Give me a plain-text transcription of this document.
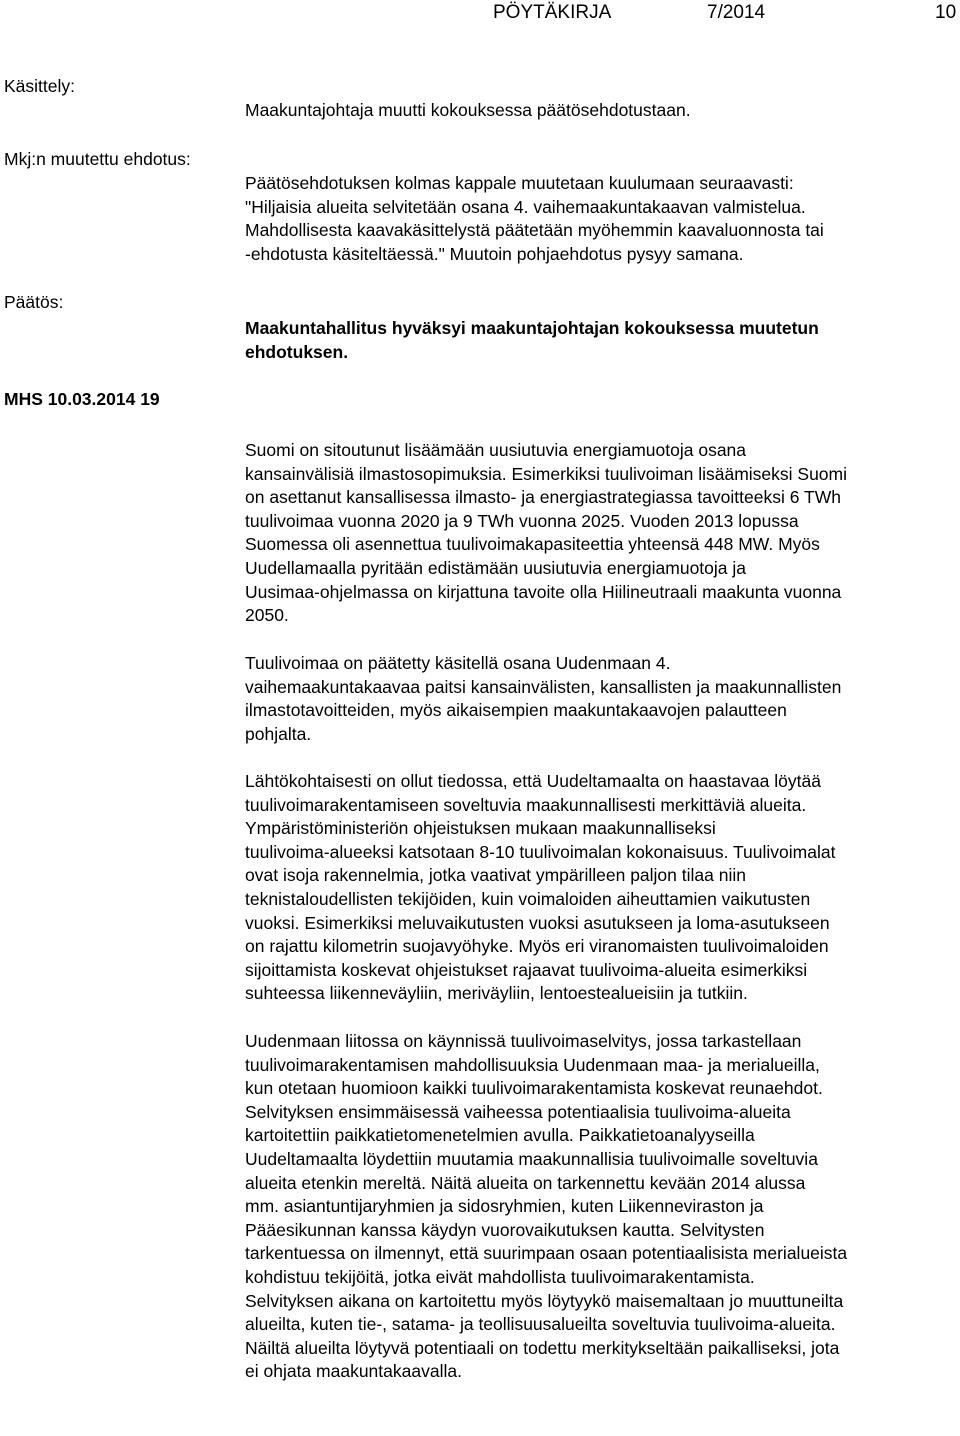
PÖYTÄKIRJA	7/2014	10
Käsittely:
Mkj:n muutettu ehdotus:
Päätös:
MHS 10.03.2014 19
Maakuntajohtaja muutti kokouksessa päätösehdotustaan.
Päätösehdotuksen kolmas kappale muutetaan kuulumaan seuraavasti:
"Hiljaisia alueita selvitetään osana 4. vaihemaakuntakaavan valmistelua.
Mahdollisesta kaavakäsittelystä päätetään myöhemmin kaavaluonnosta tai
-ehdotusta käsiteltäessä." Muutoin pohjaehdotus pysyy samana.
Maakuntahallitus hyväksyi maakuntajohtajan kokouksessa muutetun
ehdotuksen.
Suomi on sitoutunut lisäämään uusiutuvia energiamuotoja osana
kansainvälisiä ilmastosopimuksia. Esimerkiksi tuulivoiman lisäämiseksi Suomi
on asettanut kansallisessa ilmasto- ja energiastrategiassa tavoitteeksi 6 TWh
tuulivoimaa vuonna 2020 ja 9 TWh vuonna 2025. Vuoden 2013 lopussa
Suomessa oli asennettua tuulivoimakapasiteettia yhteensä 448 MW. Myös
Uudellamaalla pyritään edistämään uusiutuvia energiamuotoja ja
Uusimaa-ohjelmassa on kirjattuna tavoite olla Hiilineutraali maakunta vuonna
2050.
Tuulivoimaa on päätetty käsitellä osana Uudenmaan 4.
vaihemaakuntakaavaa paitsi kansainvälisten, kansallisten ja maakunnallisten
ilmastotavoitteiden, myös aikaisempien maakuntakaavojen palautteen
pohjalta.
Lähtökohtaisesti on ollut tiedossa, että Uudeltamaalta on haastavaa löytää
tuulivoimarakentamiseen soveltuvia maakunnallisesti merkittäviä alueita.
Ympäristöministeriön ohjeistuksen mukaan maakunnalliseksi
tuulivoima-alueeksi katsotaan 8-10 tuulivoimalan kokonaisuus. Tuulivoimalat
ovat isoja rakennelmia, jotka vaativat ympärilleen paljon tilaa niin
teknistaloudellisten tekijöiden, kuin voimaloiden aiheuttamien vaikutusten
vuoksi. Esimerkiksi meluvaikutusten vuoksi asutukseen ja loma-asutukseen
on rajattu kilometrin suojavyöhyke. Myös eri viranomaisten tuulivoimaloiden
sijoittamista koskevat ohjeistukset rajaavat tuulivoima-alueita esimerkiksi
suhteessa liikenneväyliin, meriväyliin, lentoestealueisiin ja tutkiin.
Uudenmaan liitossa on käynnissä tuulivoimaselvitys, jossa tarkastellaan
tuulivoimarakentamisen mahdollisuuksia Uudenmaan maa- ja merialueilla,
kun otetaan huomioon kaikki tuulivoimarakentamista koskevat reunaehdot.
Selvityksen ensimmäisessä vaiheessa potentiaalisia tuulivoima-alueita
kartoitettiin paikkatietomenetelmien avulla. Paikkatietoanalyyseilla
Uudeltamaalta löydettiin muutamia maakunnallisia tuulivoimalle soveltuvia
alueita etenkin mereltä. Näitä alueita on tarkennettu kevään 2014 alussa
mm. asiantuntijaryhmien ja sidosryhmien, kuten Liikenneviraston ja
Pääesikunnan kanssa käydyn vuorovaikutuksen kautta. Selvitysten
tarkentuessa on ilmennyt, että suurimpaan osaan potentiaalisista merialueista
kohdistuu tekijöitä, jotka eivät mahdollista tuulivoimarakentamista.
Selvityksen aikana on kartoitettu myös löytyykö maisemaltaan jo muuttuneilta
alueilta, kuten tie-, satama- ja teollisuusalueilta soveltuvia tuulivoima-alueita.
Näiltä alueilta löytyvä potentiaali on todettu merkitykseltään paikalliseksi, jota
ei ohjata maakuntakaavalla.
